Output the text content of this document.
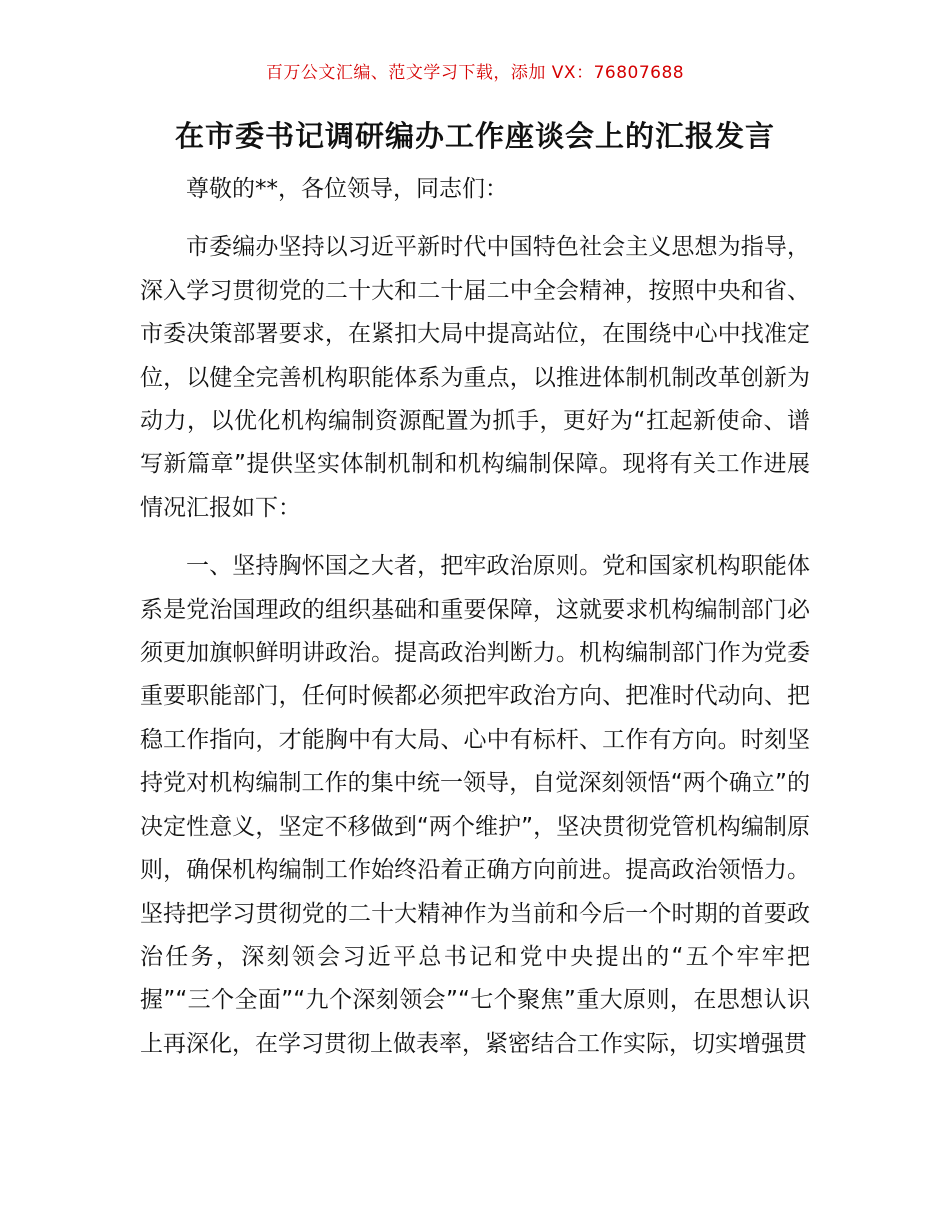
百万公文汇编、范文学习下载，添加 VX：76807688
在市委书记调研编办工作座谈会上的汇报发言

尊敬的**，各位领导，同志们：

市委编办坚持以习近平新时代中国特色社会主义思想为指导，深入学习贯彻党的二十大和二十届二中全会精神，按照中央和省、市委决策部署要求，在紧扣大局中提高站位，在围绕中心中找准定位，以健全完善机构职能体系为重点，以推进体制机制改革创新为动力，以优化机构编制资源配置为抓手，更好为“扛起新使命、谱写新篇章”提供坚实体制机制和机构编制保障。现将有关工作进展情况汇报如下：

一、坚持胸怀国之大者，把牢政治原则。党和国家机构职能体系是党治国理政的组织基础和重要保障，这就要求机构编制部门必须更加旗帜鲜明讲政治。提高政治判断力。机构编制部门作为党委重要职能部门，任何时候都必须把牢政治方向、把准时代动向、把稳工作指向，才能胸中有大局、心中有标杆、工作有方向。时刻坚持党对机构编制工作的集中统一领导，自觉深刻领悟“两个确立”的决定性意义，坚定不移做到“两个维护”，坚决贯彻党管机构编制原则，确保机构编制工作始终沿着正确方向前进。提高政治领悟力。坚持把学习贯彻党的二十大精神作为当前和今后一个时期的首要政治任务，深刻领会习近平总书记和党中央提出的“五个牢牢把握”“三个全面”“九个深刻领会”“七个聚焦”重大原则，在思想认识上再深化，在学习贯彻上做表率，紧密结合工作实际，切实增强贯
